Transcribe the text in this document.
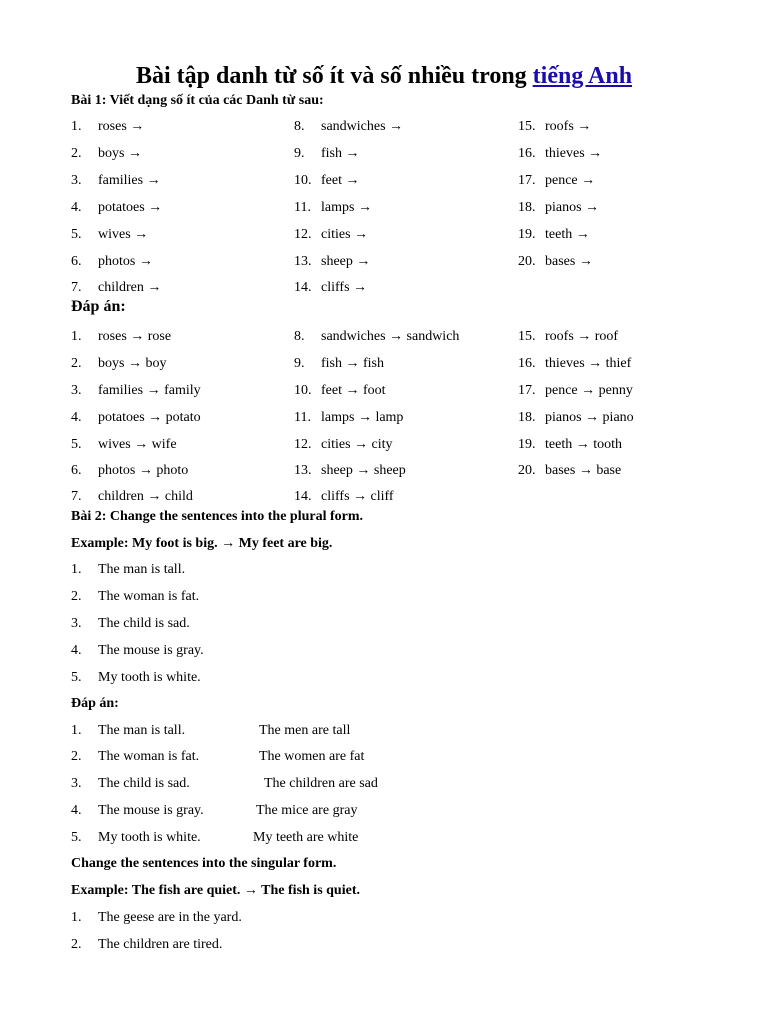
Bài tập danh từ số ít và số nhiều trong tiếng Anh
Bài 1: Viết dạng số ít của các Danh từ sau:
1. roses →
2. boys →
3. families →
4. potatoes →
5. wives →
6. photos →
7. children →
8. sandwiches →
9. fish →
10. feet →
11. lamps →
12. cities →
13. sheep →
14. cliffs →
15. roofs →
16. thieves →
17. pence →
18. pianos →
19. teeth →
20. bases →
Đáp án:
1. roses → rose
2. boys → boy
3. families → family
4. potatoes → potato
5. wives → wife
6. photos → photo
7. children → child
8. sandwiches → sandwich
9. fish → fish
10. feet → foot
11. lamps → lamp
12. cities → city
13. sheep → sheep
14. cliffs → cliff
15. roofs → roof
16. thieves → thief
17. pence → penny
18. pianos → piano
19. teeth → tooth
20. bases → base
Bài 2: Change the sentences into the plural form.
Example: My foot is big. → My feet are big.
1. The man is tall.
2. The woman is fat.
3. The child is sad.
4. The mouse is gray.
5. My tooth is white.
Đáp án:
1. The man is tall.	The men are tall
2. The woman is fat.	The women are fat
3. The child is sad.	The children are sad
4. The mouse is gray.	The mice are gray
5. My tooth is white.	My teeth are white
Change the sentences into the singular form.
Example: The fish are quiet. → The fish is quiet.
1. The geese are in the yard.
2. The children are tired.
